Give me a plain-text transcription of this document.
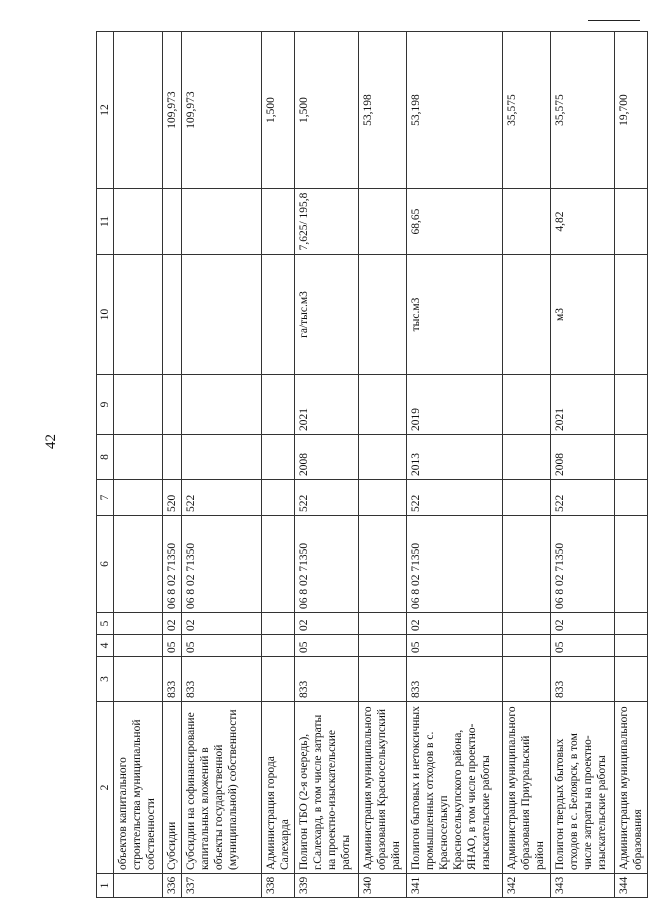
42
1	2	3	4	5	6	7	8	9	10	11	12
	объектов капитального строительства муниципальной собственности										
336	Субсидии	833	05	02	06 8 02 71350	520					109,973
337	Субсидии на софинансирование капитальных вложений в объекты государственной (муниципальной) собственности	833	05	02	06 8 02 71350	522					109,973
338	Администрация города Салехарда										1,500
339	Полигон ТБО (2-я очередь), г.Салехард, в том числе затраты на проектно-изыскательские работы	833	05	02	06 8 02 71350	522	2008	2021	га/тыс.м3	7,625/ 195,8	1,500
340	Администрация муниципального образования Красноселькупский район										53,198
341	Полигон бытовых и нетоксичных промышленных отходов в с. Красноселькуп Красноселькупского района, ЯНАО, в том числе проектно-изыскательские работы	833	05	02	06 8 02 71350	522	2013	2019	тыс.м3	68,65	53,198
342	Администрация муниципального образования Приуральский район										35,575
343	Полигон твердых бытовых отходов в с. Белоярск, в том числе затраты на проектно-изыскательские работы	833	05	02	06 8 02 71350	522	2008	2021	м3	4,82	35,575
344	Администрация муниципального образования										19,700
